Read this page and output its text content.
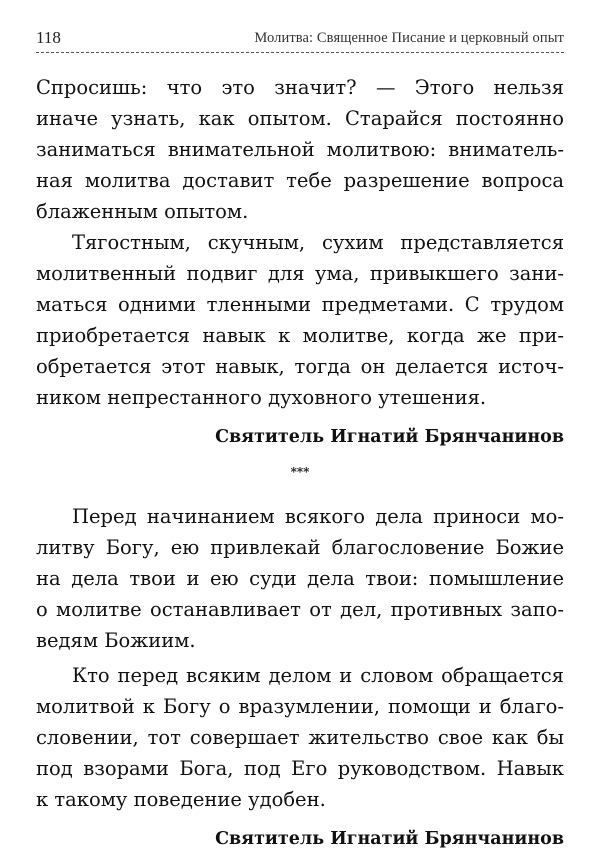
118	Молитва: Священное Писание и церковный опыт
Спросишь: что это значит? — Этого нельзя
иначе узнать, как опытом. Старайся постоянно
заниматься внимательной молитвою: вниматель-
ная молитва доставит тебе разрешение вопроса
блаженным опытом.
Тягостным, скучным, сухим представляется
молитвенный подвиг для ума, привыкшего зани-
маться одними тленными предметами. С трудом
приобретается навык к молитве, когда же при-
обретается этот навык, тогда он делается источ-
ником непрестанного духовного утешения.
Святитель Игнатий Брянчанинов
***
Перед начинанием всякого дела приноси мо-
литву Богу, ею привлекай благословение Божие
на дела твои и ею суди дела твои: помышление
о молитве останавливает от дел, противных запо-
ведям Божиим.
Кто перед всяким делом и словом обращается
молитвой к Богу о вразумлении, помощи и благо-
словении, тот совершает жительство свое как бы
под взорами Бога, под Его руководством. Навык
к такому поведение удобен.
Святитель Игнатий Брянчанинов
